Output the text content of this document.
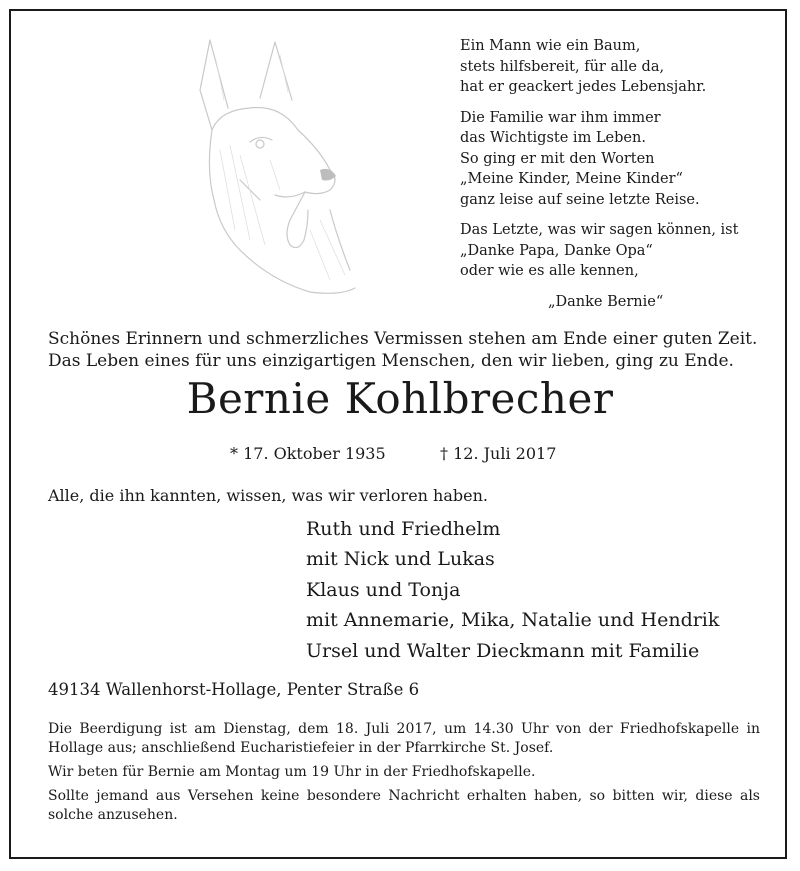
Ein Mann wie ein Baum,
stets hilfsbereit, für alle da,
hat er geackert jedes Lebensjahr.
Die Familie war ihm immer
das Wichtigste im Leben.
So ging er mit den Worten
„Meine Kinder, Meine Kinder“
ganz leise auf seine letzte Reise.
Das Letzte, was wir sagen können, ist
„Danke Papa, Danke Opa“
oder wie es alle kennen,
„Danke Bernie“
Schönes Erinnern und schmerzliches Vermissen stehen am Ende einer guten Zeit.
Das Leben eines für uns einzigartigen Menschen, den wir lieben, ging zu Ende.
Bernie Kohlbrecher
* 17. Oktober 1935	† 12. Juli 2017
Alle, die ihn kannten, wissen, was wir verloren haben.
Ruth und Friedhelm
mit Nick und Lukas
Klaus und Tonja
mit Annemarie, Mika, Natalie und Hendrik
Ursel und Walter Dieckmann mit Familie
49134 Wallenhorst-Hollage, Penter Straße 6

Die Beerdigung ist am Dienstag, dem 18. Juli 2017, um 14.30 Uhr von der Friedhofskapelle in Hollage aus; anschließend Eucharistiefeier in der Pfarrkirche St. Josef.

Wir beten für Bernie am Montag um 19 Uhr in der Friedhofskapelle.

Sollte jemand aus Versehen keine besondere Nachricht erhalten haben, so bitten wir, diese als solche anzusehen.
